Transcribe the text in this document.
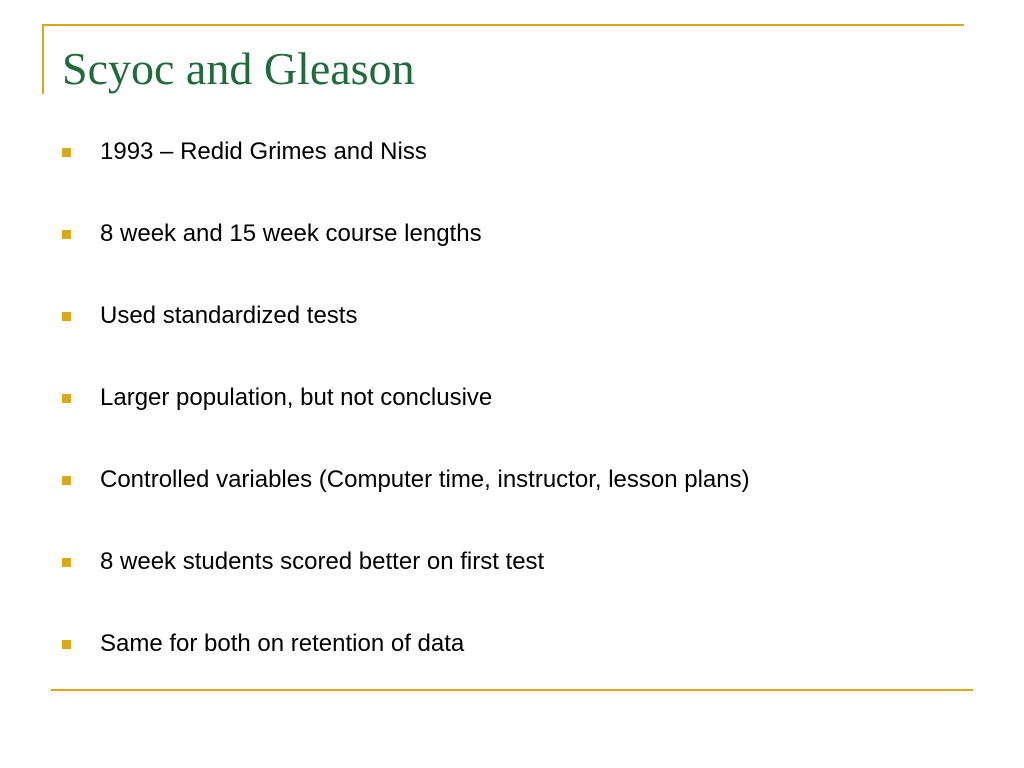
Scyoc and Gleason
1993 – Redid Grimes and Niss
8 week and 15 week course lengths
Used standardized tests
Larger population, but not conclusive
Controlled variables (Computer time, instructor, lesson plans)
8 week students scored better on first test
Same for both on retention of data
